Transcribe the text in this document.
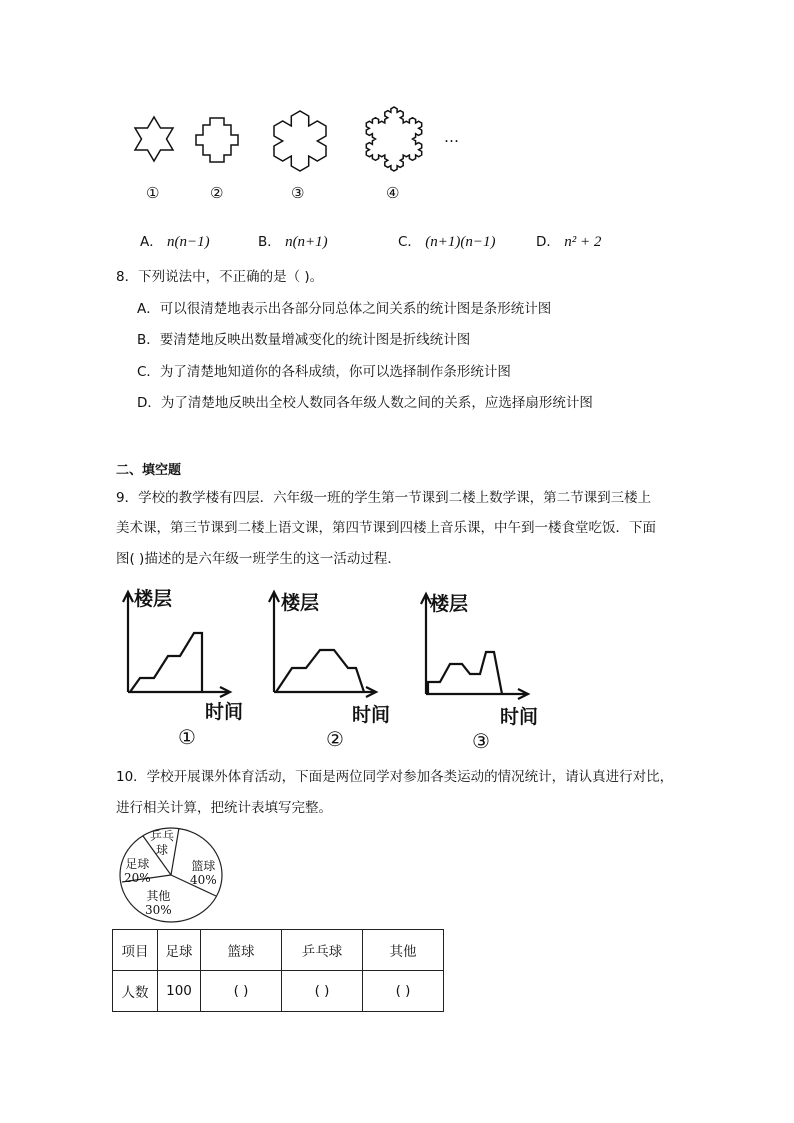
…
①	②	③	④
A． n(n−1)	B． n(n+1)	C． (n+1)(n−1)	D． n² + 2
8．下列说法中，不正确的是（ )。
A．可以很清楚地表示出各部分同总体之间关系的统计图是条形统计图
B．要清楚地反映出数量增减变化的统计图是折线统计图
C．为了清楚地知道你的各科成绩，你可以选择制作条形统计图
D．为了清楚地反映出全校人数同各年级人数之间的关系，应选择扇形统计图
二、填空题
9．学校的教学楼有四层．六年级一班的学生第一节课到二楼上数学课，第二节课到三楼上
美术课，第三节课到二楼上语文课，第四节课到四楼上音乐课，中午到一楼食堂吃饭．下面
图( )描述的是六年级一班学生的这一活动过程．
楼层
时间
①
楼层
时间
②
楼层
时间
③
10．学校开展课外体育活动，下面是两位同学对参加各类运动的情况统计，请认真进行对比，
进行相关计算，把统计表填写完整。
乒乓
球
篮球
40%
其他
30%
足球
20%
项目	足球	篮球	乒乓球	其他
人数	100	( )	( )	( )
